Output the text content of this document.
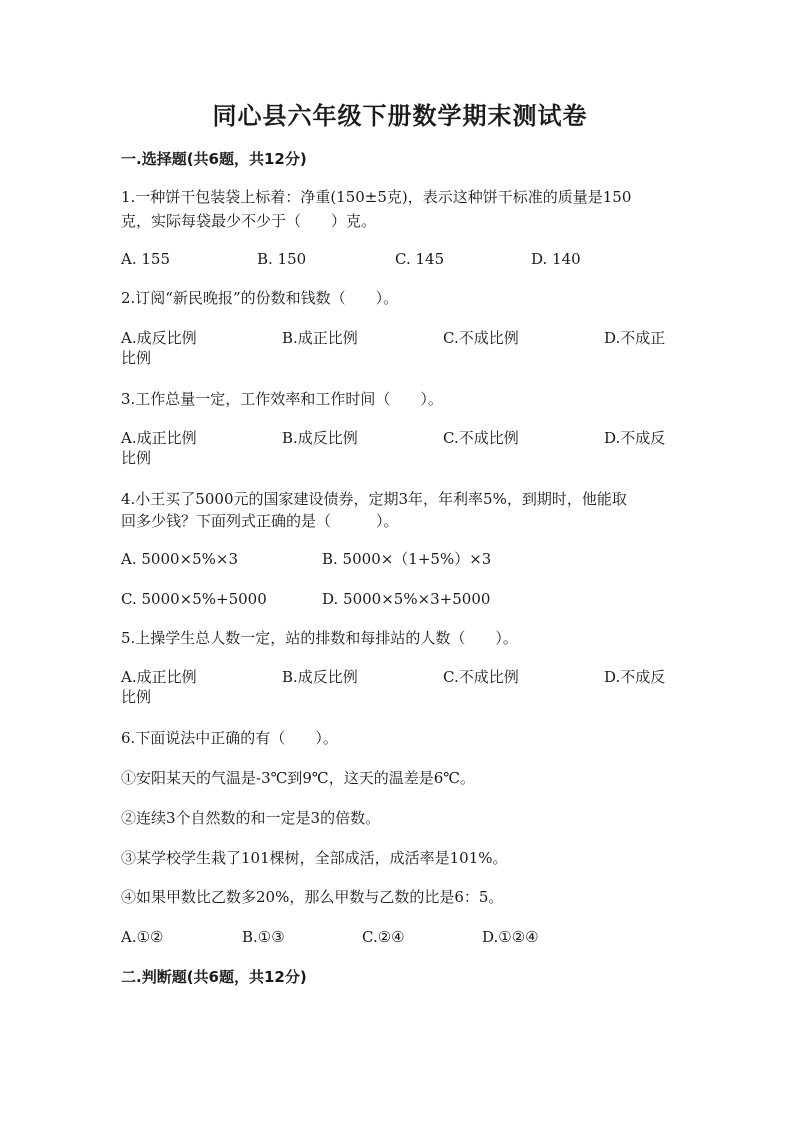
同心县六年级下册数学期末测试卷
一.选择题(共6题，共12分)
1.一种饼干包装袋上标着：净重(150±5克)，表示这种饼干标准的质量是150
克，实际每袋最少不少于（　　）克。
A. 155	B. 150	C. 145	D. 140
2.订阅“新民晚报”的份数和钱数（　　）。
A.成反比例	B.成正比例	C.不成比例	D.不成正
比例
3.工作总量一定，工作效率和工作时间（　　）。
A.成正比例	B.成反比例	C.不成比例	D.不成反
比例
4.小王买了5000元的国家建设债券，定期3年，年利率5%，到期时，他能取
回多少钱？下面列式正确的是（　　　）。
A. 5000×5%×3	B. 5000×（1+5%）×3
C. 5000×5%+5000	D. 5000×5%×3+5000
5.上操学生总人数一定，站的排数和每排站的人数（　　）。
A.成正比例	B.成反比例	C.不成比例	D.不成反
比例
6.下面说法中正确的有（　　）。
①安阳某天的气温是-3℃到9℃，这天的温差是6℃。
②连续3个自然数的和一定是3的倍数。
③某学校学生栽了101棵树，全部成活，成活率是101%。
④如果甲数比乙数多20%，那么甲数与乙数的比是6：5。
A.①②	B.①③	C.②④	D.①②④
二.判断题(共6题，共12分)
